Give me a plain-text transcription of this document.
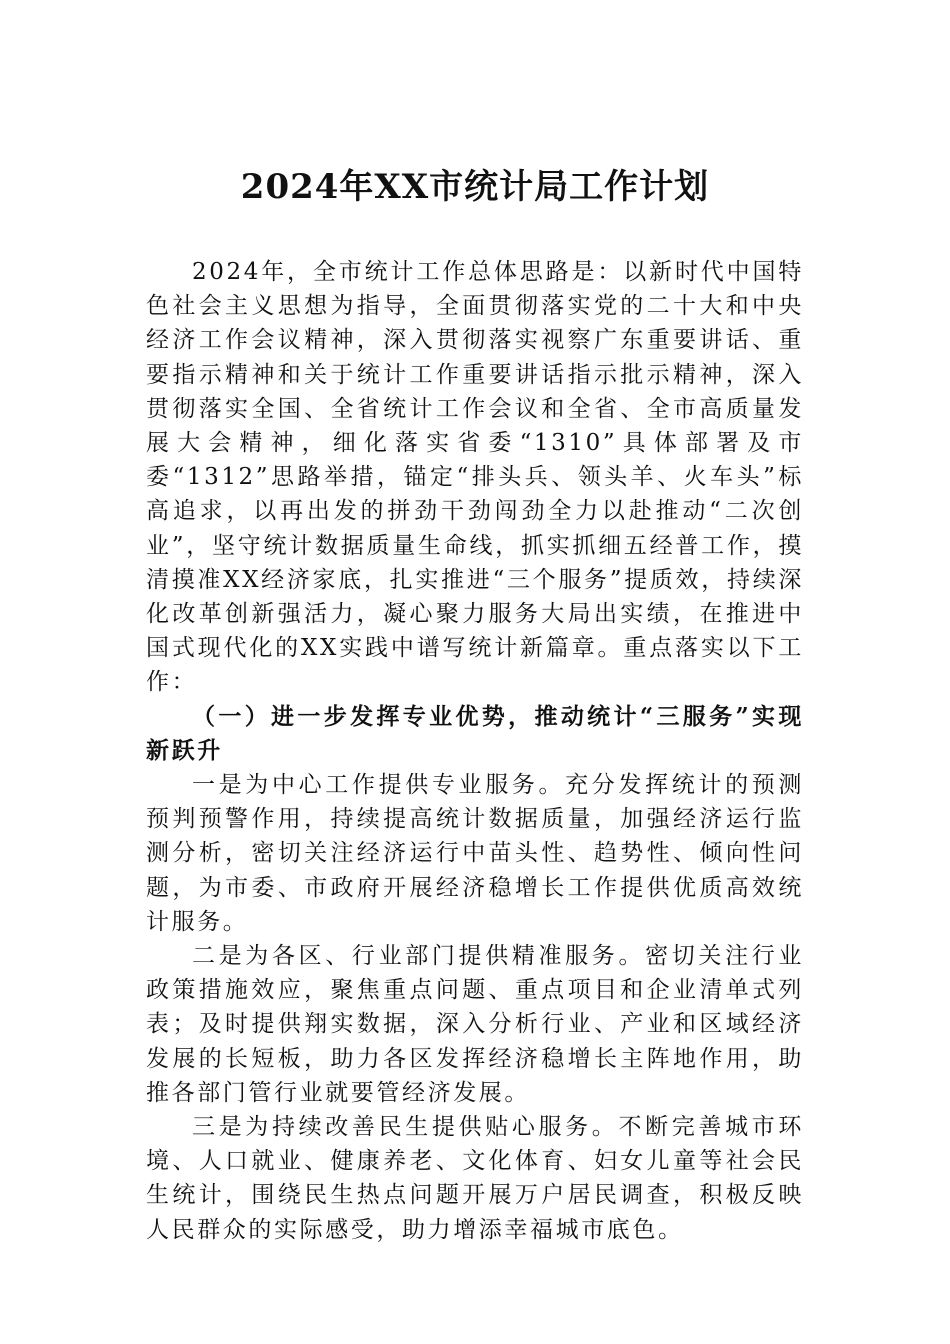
2024年XX市统计局工作计划

2024年，全市统计工作总体思路是：以新时代中国特色社会主义思想为指导，全面贯彻落实党的二十大和中央经济工作会议精神，深入贯彻落实视察广东重要讲话、重要指示精神和关于统计工作重要讲话指示批示精神，深入贯彻落实全国、全省统计工作会议和全省、全市高质量发展大会精神，细化落实省委“1310”具体部署及市委“1312”思路举措，锚定“排头兵、领头羊、火车头”标高追求，以再出发的拼劲干劲闯劲全力以赴推动“二次创业”，坚守统计数据质量生命线，抓实抓细五经普工作，摸清摸准XX经济家底，扎实推进“三个服务”提质效，持续深化改革创新强活力，凝心聚力服务大局出实绩，在推进中国式现代化的XX实践中谱写统计新篇章。重点落实以下工作：

（一）进一步发挥专业优势，推动统计“三服务”实现新跃升

一是为中心工作提供专业服务。充分发挥统计的预测预判预警作用，持续提高统计数据质量，加强经济运行监测分析，密切关注经济运行中苗头性、趋势性、倾向性问题，为市委、市政府开展经济稳增长工作提供优质高效统计服务。

二是为各区、行业部门提供精准服务。密切关注行业政策措施效应，聚焦重点问题、重点项目和企业清单式列表；及时提供翔实数据，深入分析行业、产业和区域经济发展的长短板，助力各区发挥经济稳增长主阵地作用，助推各部门管行业就要管经济发展。

三是为持续改善民生提供贴心服务。不断完善城市环境、人口就业、健康养老、文化体育、妇女儿童等社会民生统计，围绕民生热点问题开展万户居民调查，积极反映人民群众的实际感受，助力增添幸福城市底色。
